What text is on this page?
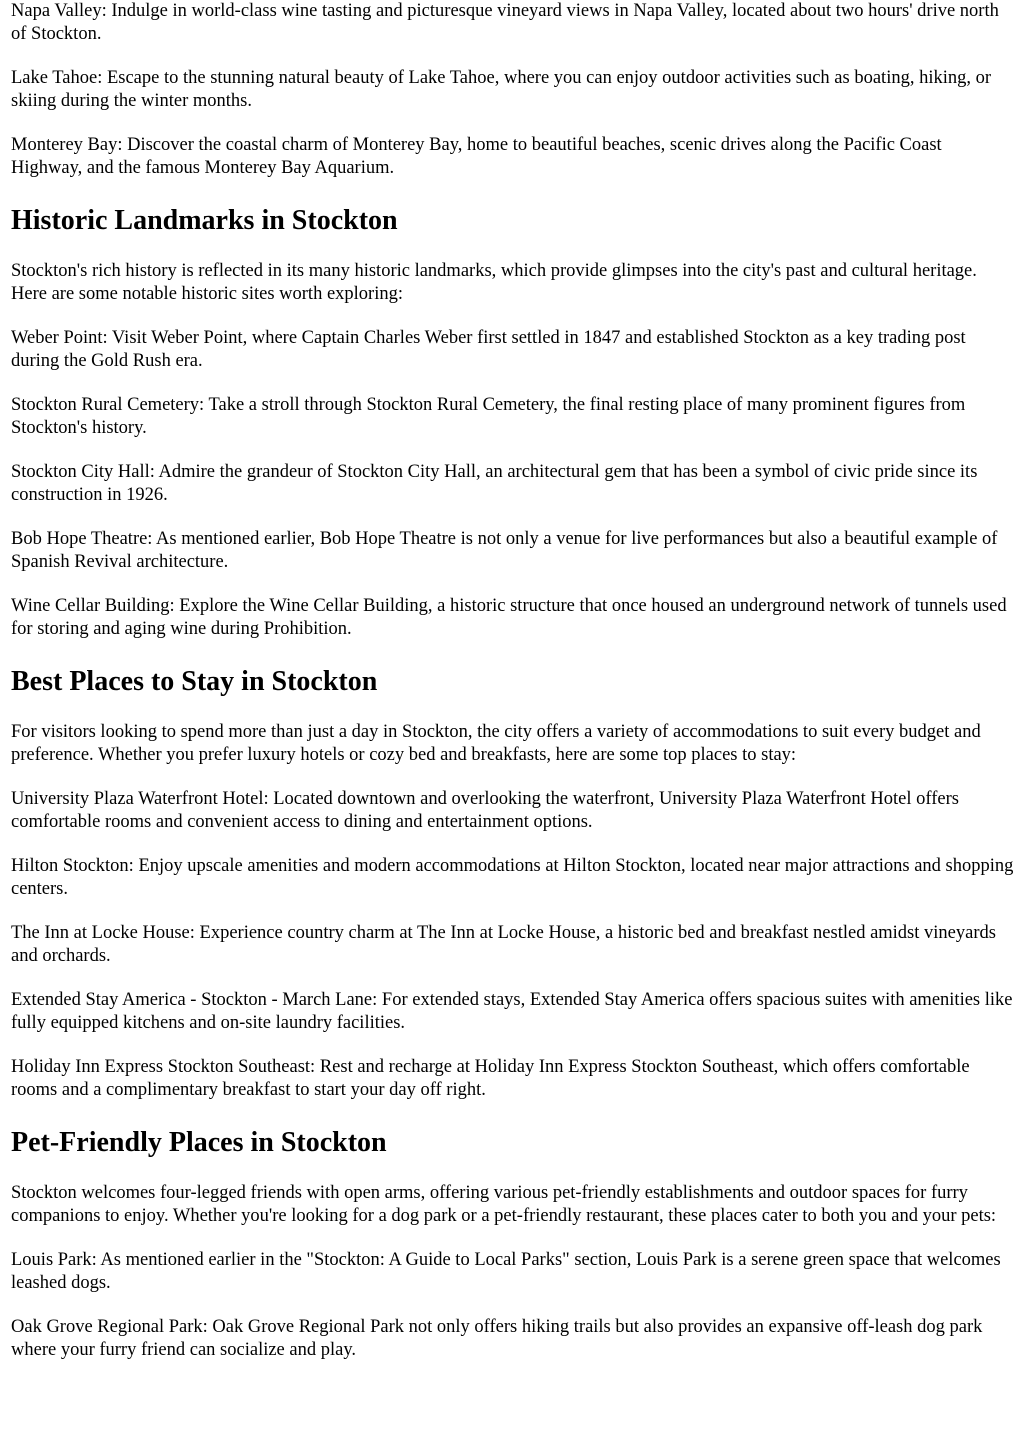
Napa Valley: Indulge in world-class wine tasting and picturesque vineyard views in Napa Valley, located about two hours' drive north of Stockton.

Lake Tahoe: Escape to the stunning natural beauty of Lake Tahoe, where you can enjoy outdoor activities such as boating, hiking, or skiing during the winter months.

Monterey Bay: Discover the coastal charm of Monterey Bay, home to beautiful beaches, scenic drives along the Pacific Coast Highway, and the famous Monterey Bay Aquarium.

Historic Landmarks in Stockton

Stockton's rich history is reflected in its many historic landmarks, which provide glimpses into the city's past and cultural heritage. Here are some notable historic sites worth exploring:

Weber Point: Visit Weber Point, where Captain Charles Weber first settled in 1847 and established Stockton as a key trading post during the Gold Rush era.

Stockton Rural Cemetery: Take a stroll through Stockton Rural Cemetery, the final resting place of many prominent figures from Stockton's history.

Stockton City Hall: Admire the grandeur of Stockton City Hall, an architectural gem that has been a symbol of civic pride since its construction in 1926.

Bob Hope Theatre: As mentioned earlier, Bob Hope Theatre is not only a venue for live performances but also a beautiful example of Spanish Revival architecture.

Wine Cellar Building: Explore the Wine Cellar Building, a historic structure that once housed an underground network of tunnels used for storing and aging wine during Prohibition.

Best Places to Stay in Stockton

For visitors looking to spend more than just a day in Stockton, the city offers a variety of accommodations to suit every budget and preference. Whether you prefer luxury hotels or cozy bed and breakfasts, here are some top places to stay:

University Plaza Waterfront Hotel: Located downtown and overlooking the waterfront, University Plaza Waterfront Hotel offers comfortable rooms and convenient access to dining and entertainment options.

Hilton Stockton: Enjoy upscale amenities and modern accommodations at Hilton Stockton, located near major attractions and shopping centers.

The Inn at Locke House: Experience country charm at The Inn at Locke House, a historic bed and breakfast nestled amidst vineyards and orchards.

Extended Stay America - Stockton - March Lane: For extended stays, Extended Stay America offers spacious suites with amenities like fully equipped kitchens and on-site laundry facilities.

Holiday Inn Express Stockton Southeast: Rest and recharge at Holiday Inn Express Stockton Southeast, which offers comfortable rooms and a complimentary breakfast to start your day off right.

Pet-Friendly Places in Stockton

Stockton welcomes four-legged friends with open arms, offering various pet-friendly establishments and outdoor spaces for furry companions to enjoy. Whether you're looking for a dog park or a pet-friendly restaurant, these places cater to both you and your pets:

Louis Park: As mentioned earlier in the "Stockton: A Guide to Local Parks" section, Louis Park is a serene green space that welcomes leashed dogs.

Oak Grove Regional Park: Oak Grove Regional Park not only offers hiking trails but also provides an expansive off-leash dog park where your furry friend can socialize and play.
